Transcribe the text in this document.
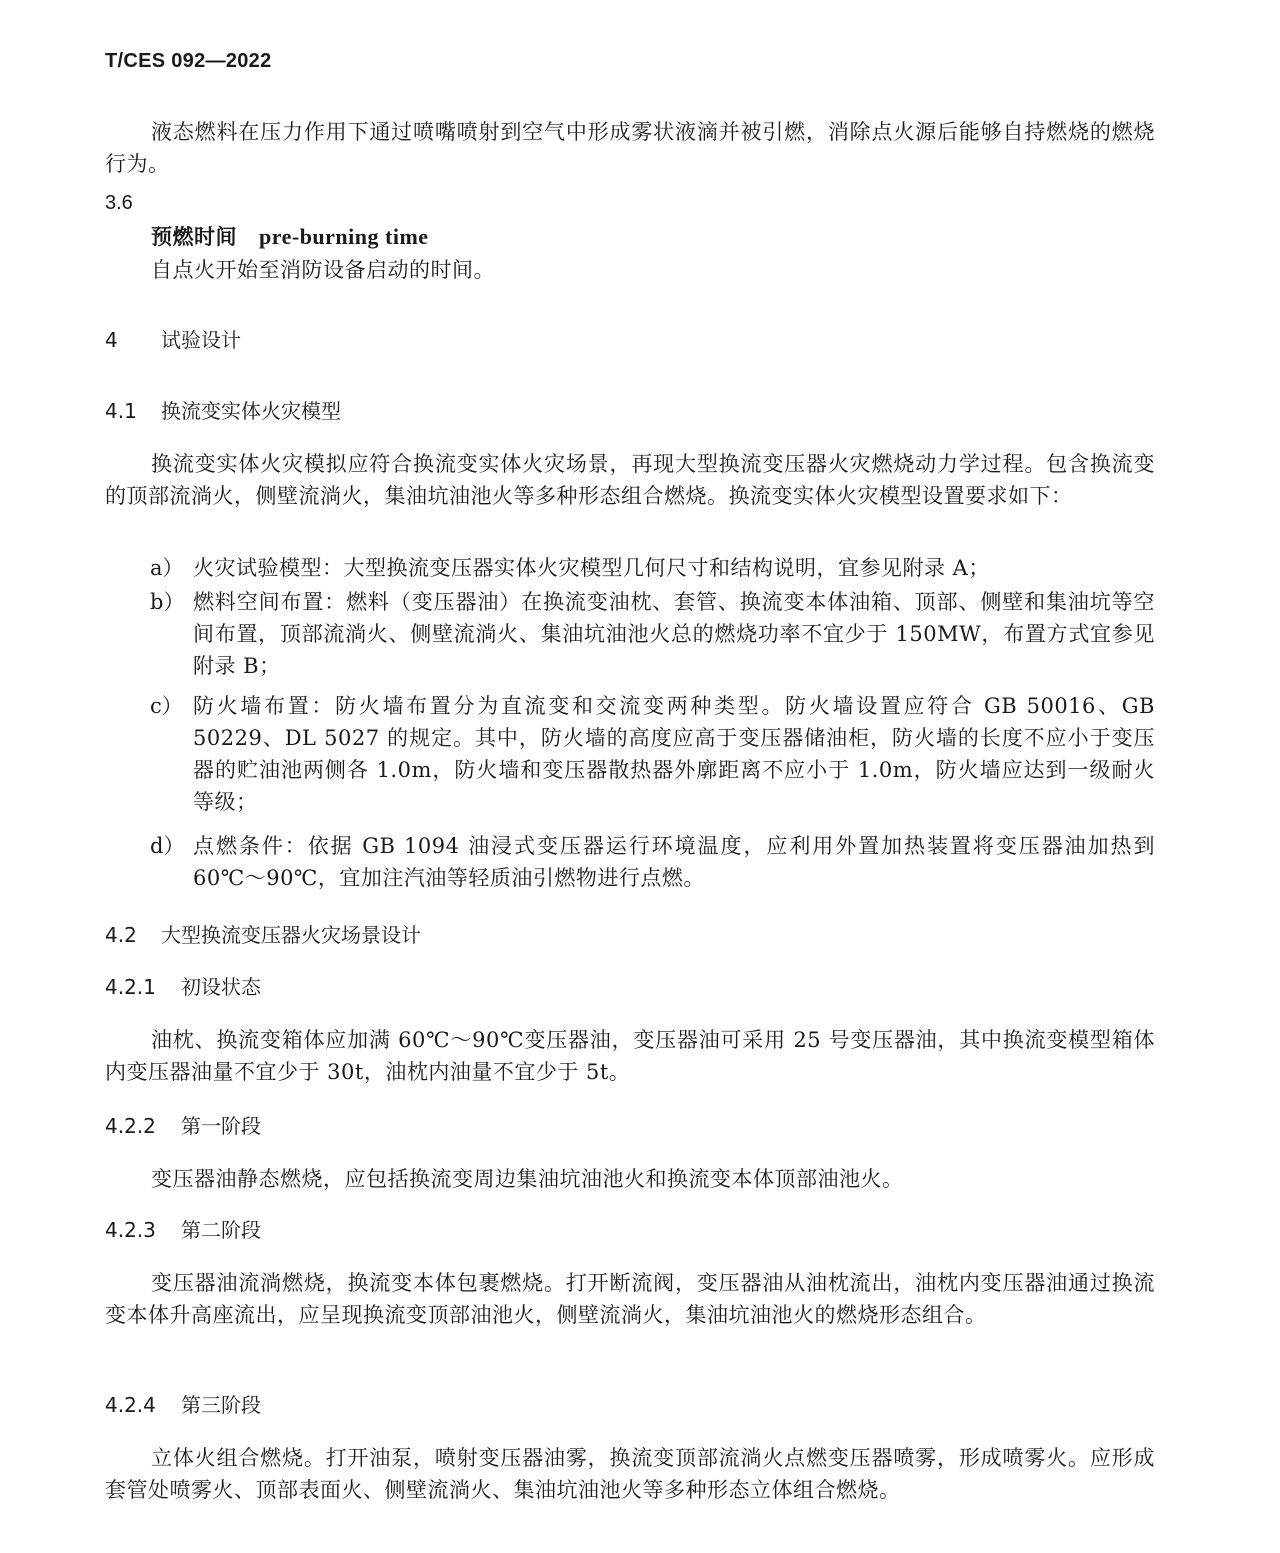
T/CES 092—2022

液态燃料在压力作用下通过喷嘴喷射到空气中形成雾状液滴并被引燃，消除点火源后能够自持燃烧的燃烧行为。

3.6
预燃时间 pre-burning time
自点火开始至消防设备启动的时间。
4 试验设计
4.1 换流变实体火灾模型

换流变实体火灾模拟应符合换流变实体火灾场景，再现大型换流变压器火灾燃烧动力学过程。包含换流变的顶部流淌火，侧壁流淌火，集油坑油池火等多种形态组合燃烧。换流变实体火灾模型设置要求如下：

a） 火灾试验模型：大型换流变压器实体火灾模型几何尺寸和结构说明，宜参见附录 A；
b） 燃料空间布置：燃料（变压器油）在换流变油枕、套管、换流变本体油箱、顶部、侧壁和集油坑等空间布置，顶部流淌火、侧壁流淌火、集油坑油池火总的燃烧功率不宜少于 150MW，布置方式宜参见附录 B；
c） 防火墙布置：防火墙布置分为直流变和交流变两种类型。防火墙设置应符合 GB 50016、GB 50229、DL 5027 的规定。其中，防火墙的高度应高于变压器储油柜，防火墙的长度不应小于变压器的贮油池两侧各 1.0m，防火墙和变压器散热器外廓距离不应小于 1.0m，防火墙应达到一级耐火等级；
d） 点燃条件：依据 GB 1094 油浸式变压器运行环境温度，应利用外置加热装置将变压器油加热到 60℃～90℃，宜加注汽油等轻质油引燃物进行点燃。
4.2 大型换流变压器火灾场景设计
4.2.1 初设状态

油枕、换流变箱体应加满 60℃～90℃变压器油，变压器油可采用 25 号变压器油，其中换流变模型箱体内变压器油量不宜少于 30t，油枕内油量不宜少于 5t。

4.2.2 第一阶段

变压器油静态燃烧，应包括换流变周边集油坑油池火和换流变本体顶部油池火。

4.2.3 第二阶段

变压器油流淌燃烧，换流变本体包裹燃烧。打开断流阀，变压器油从油枕流出，油枕内变压器油通过换流变本体升高座流出，应呈现换流变顶部油池火，侧壁流淌火，集油坑油池火的燃烧形态组合。

4.2.4 第三阶段

立体火组合燃烧。打开油泵，喷射变压器油雾，换流变顶部流淌火点燃变压器喷雾，形成喷雾火。应形成套管处喷雾火、顶部表面火、侧壁流淌火、集油坑油池火等多种形态立体组合燃烧。
